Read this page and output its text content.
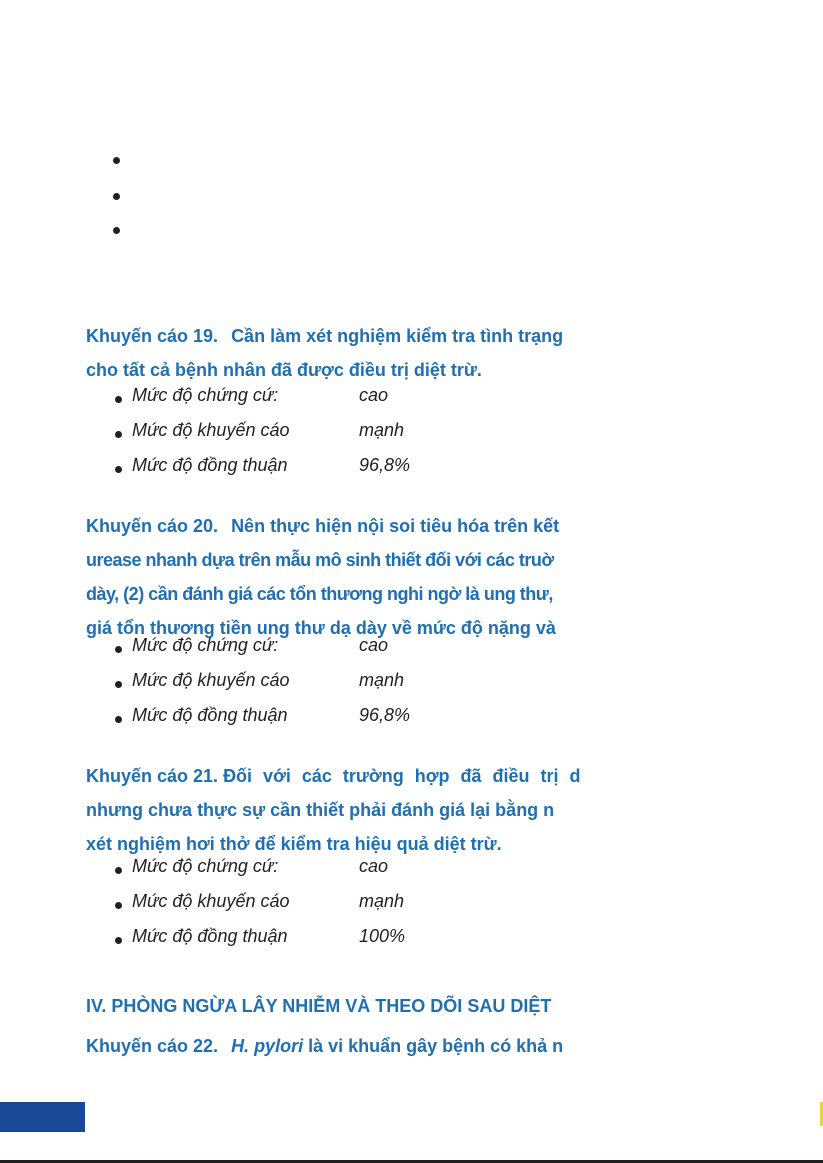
Khuyến cáo 19. Cần làm xét nghiệm kiểm tra tình trạng
cho tất cả bệnh nhân đã được điều trị diệt trừ.
Mức độ chứng cứ:	cao
Mức độ khuyến cáo	mạnh
Mức độ đồng thuận	96,8%
Khuyến cáo 20. Nên thực hiện nội soi tiêu hóa trên kết
urease nhanh dựa trên mẫu mô sinh thiết đối với các truờ
dày, (2) cần đánh giá các tổn thương nghi ngờ là ung thư,
giá tổn thương tiền ung thư dạ dày về mức độ nặng và
Mức độ chứng cứ:	cao
Mức độ khuyến cáo	mạnh
Mức độ đồng thuận	96,8%
Khuyến cáo 21. Đối với các trường hợp đã điều trị d
nhưng chưa thực sự cần thiết phải đánh giá lại bằng n
xét nghiệm hơi thở để kiểm tra hiệu quả diệt trừ.
Mức độ chứng cứ:	cao
Mức độ khuyến cáo	mạnh
Mức độ đồng thuận	100%
IV. PHÒNG NGỪA LÂY NHIỄM VÀ THEO DÕI SAU DIỆT
Khuyến cáo 22. H. pylori là vi khuẩn gây bệnh có khả n
